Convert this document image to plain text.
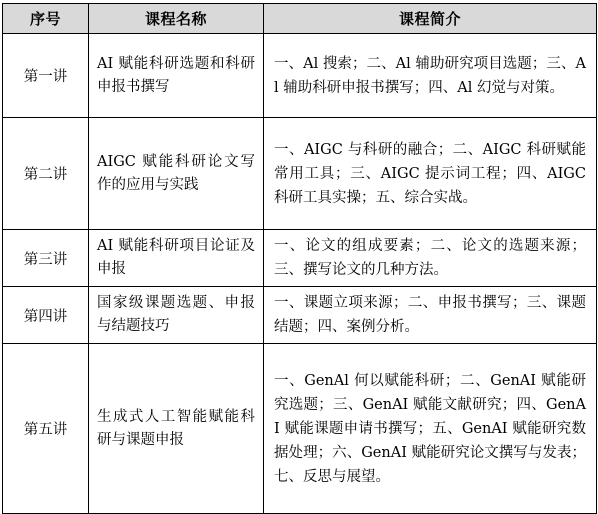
序号	课程名称	课程简介
第一讲	AI 赋能科研选题和科研申报书撰写	一、Al 搜索；二、Al 辅助研究项目选题；三、Al 辅助科研申报书撰写；四、Al 幻觉与对策。
第二讲	AIGC 赋能科研论文写作的应用与实践	一、AIGC 与科研的融合；二、AIGC 科研赋能常用工具；三、AIGC 提示词工程；四、AIGC 科研工具实操；五、综合实战。
第三讲	AI 赋能科研项目论证及申报	一、论文的组成要素；二、论文的选题来源；三、撰写论文的几种方法。
第四讲	国家级课题选题、申报与结题技巧	一、课题立项来源；二、申报书撰写；三、课题结题；四、案例分析。
第五讲	生成式人工智能赋能科研与课题申报	一、GenAl 何以赋能科研；二、GenAI 赋能研究选题；三、GenAI 赋能文献研究；四、GenAI 赋能课题申请书撰写；五、GenAI 赋能研究数据处理；六、GenAI 赋能研究论文撰写与发表；七、反思与展望。
